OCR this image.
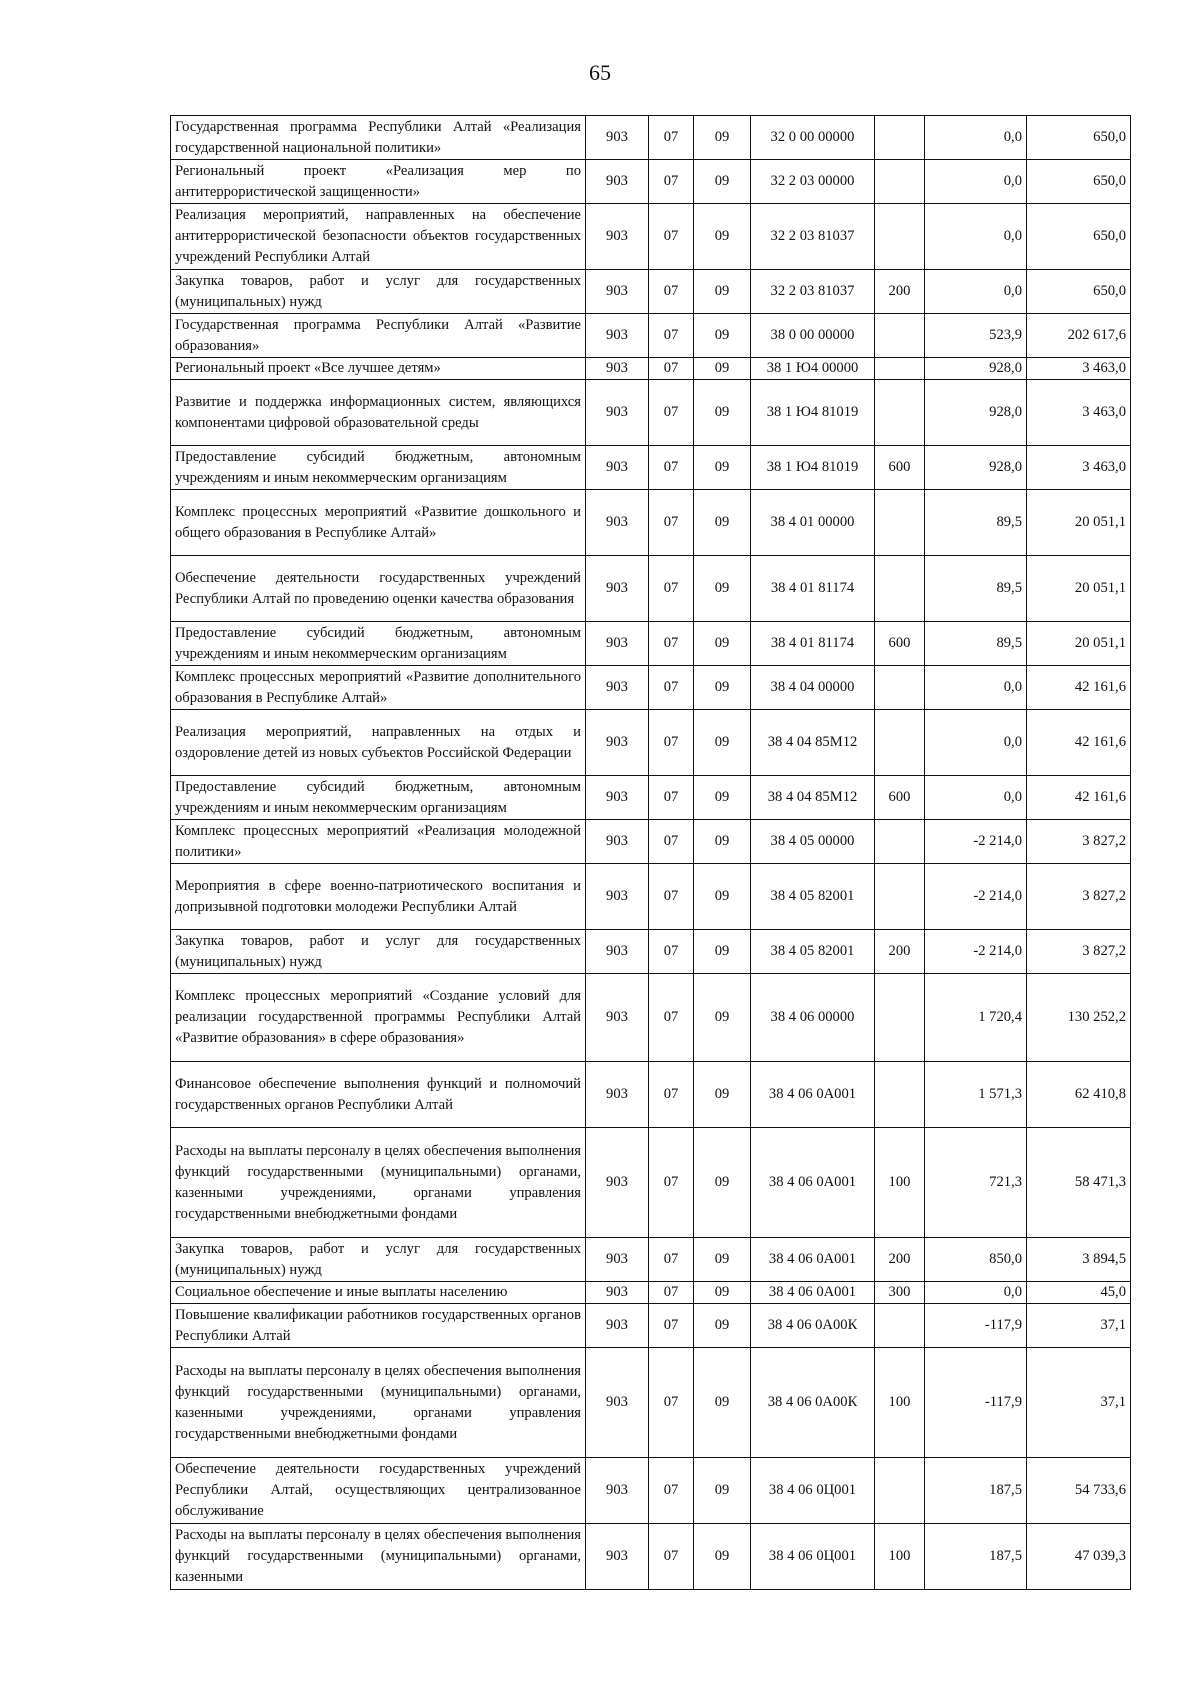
65
Государственная программа Республики Алтай «Реализация государственной национальной политики»	903	07	09	32 0 00 00000		0,0	650,0
Региональный проект «Реализация мер по антитеррористической защищенности»	903	07	09	32 2 03 00000		0,0	650,0
Реализация мероприятий, направленных на обеспечение антитеррористической безопасности объектов государственных учреждений Республики Алтай	903	07	09	32 2 03 81037		0,0	650,0
Закупка товаров, работ и услуг для государственных (муниципальных) нужд	903	07	09	32 2 03 81037	200	0,0	650,0
Государственная программа Республики Алтай «Развитие образования»	903	07	09	38 0 00 00000		523,9	202 617,6
Региональный проект «Все лучшее детям»	903	07	09	38 1 Ю4 00000		928,0	3 463,0
Развитие и поддержка информационных систем, являющихся компонентами цифровой образовательной среды	903	07	09	38 1 Ю4 81019		928,0	3 463,0
Предоставление субсидий бюджетным, автономным учреждениям и иным некоммерческим организациям	903	07	09	38 1 Ю4 81019	600	928,0	3 463,0
Комплекс процессных мероприятий «Развитие дошкольного и общего образования в Республике Алтай»	903	07	09	38 4 01 00000		89,5	20 051,1
Обеспечение деятельности государственных учреждений Республики Алтай по проведению оценки качества образования	903	07	09	38 4 01 81174		89,5	20 051,1
Предоставление субсидий бюджетным, автономным учреждениям и иным некоммерческим организациям	903	07	09	38 4 01 81174	600	89,5	20 051,1
Комплекс процессных мероприятий «Развитие дополнительного образования в Республике Алтай»	903	07	09	38 4 04 00000		0,0	42 161,6
Реализация мероприятий, направленных на отдых и оздоровление детей из новых субъектов Российской Федерации	903	07	09	38 4 04 85М12		0,0	42 161,6
Предоставление субсидий бюджетным, автономным учреждениям и иным некоммерческим организациям	903	07	09	38 4 04 85М12	600	0,0	42 161,6
Комплекс процессных мероприятий «Реализация молодежной политики»	903	07	09	38 4 05 00000		-2 214,0	3 827,2
Мероприятия в сфере военно-патриотического воспитания и допризывной подготовки молодежи Республики Алтай	903	07	09	38 4 05 82001		-2 214,0	3 827,2
Закупка товаров, работ и услуг для государственных (муниципальных) нужд	903	07	09	38 4 05 82001	200	-2 214,0	3 827,2
Комплекс процессных мероприятий «Создание условий для реализации государственной программы Республики Алтай «Развитие образования» в сфере образования»	903	07	09	38 4 06 00000		1 720,4	130 252,2
Финансовое обеспечение выполнения функций и полномочий государственных органов Республики Алтай	903	07	09	38 4 06 0А001		1 571,3	62 410,8
Расходы на выплаты персоналу в целях обеспечения выполнения функций государственными (муниципальными) органами, казенными учреждениями, органами управления государственными внебюджетными фондами	903	07	09	38 4 06 0А001	100	721,3	58 471,3
Закупка товаров, работ и услуг для государственных (муниципальных) нужд	903	07	09	38 4 06 0А001	200	850,0	3 894,5
Социальное обеспечение и иные выплаты населению	903	07	09	38 4 06 0А001	300	0,0	45,0
Повышение квалификации работников государственных органов Республики Алтай	903	07	09	38 4 06 0А00К		-117,9	37,1
Расходы на выплаты персоналу в целях обеспечения выполнения функций государственными (муниципальными) органами, казенными учреждениями, органами управления государственными внебюджетными фондами	903	07	09	38 4 06 0А00К	100	-117,9	37,1
Обеспечение деятельности государственных учреждений Республики Алтай, осуществляющих централизованное обслуживание	903	07	09	38 4 06 0Ц001		187,5	54 733,6
Расходы на выплаты персоналу в целях обеспечения выполнения функций государственными (муниципальными) органами, казенными	903	07	09	38 4 06 0Ц001	100	187,5	47 039,3
